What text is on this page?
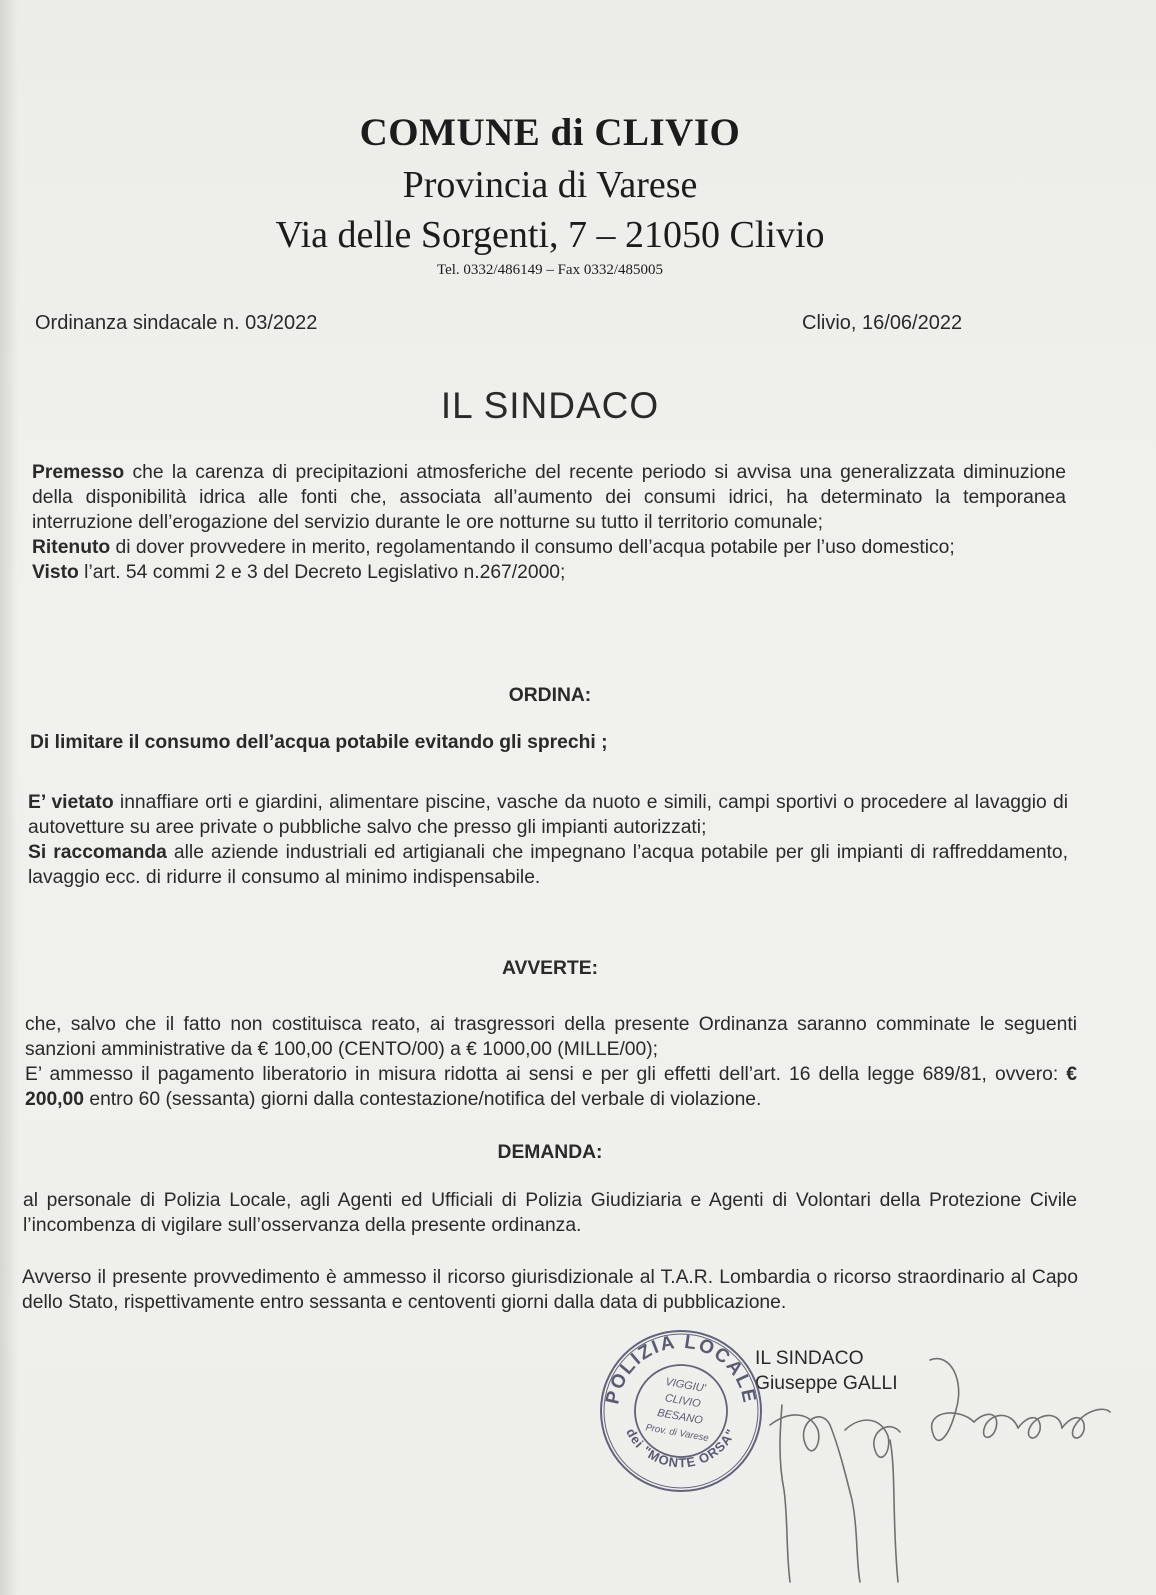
COMUNE di CLIVIO
Provincia di Varese
Via delle Sorgenti, 7 – 21050 Clivio
Tel. 0332/486149 – Fax 0332/485005
Ordinanza sindacale n. 03/2022	Clivio, 16/06/2022
IL SINDACO

Premesso che la carenza di precipitazioni atmosferiche del recente periodo si avvisa una generalizzata diminuzione della disponibilità idrica alle fonti che, associata all’aumento dei consumi idrici, ha determinato la temporanea interruzione dell’erogazione del servizio durante le ore notturne su tutto il territorio comunale;

Ritenuto di dover provvedere in merito, regolamentando il consumo dell’acqua potabile per l’uso domestico;

Visto l’art. 54 commi 2 e 3 del Decreto Legislativo n.267/2000;

ORDINA:
Di limitare il consumo dell’acqua potabile evitando gli sprechi ;

E’ vietato innaffiare orti e giardini, alimentare piscine, vasche da nuoto e simili, campi sportivi o procedere al lavaggio di autovetture su aree private o pubbliche salvo che presso gli impianti autorizzati;

Si raccomanda alle aziende industriali ed artigianali che impegnano l’acqua potabile per gli impianti di raffreddamento, lavaggio ecc. di ridurre il consumo al minimo indispensabile.

AVVERTE:

che, salvo che il fatto non costituisca reato, ai trasgressori della presente Ordinanza saranno comminate le seguenti sanzioni amministrative da € 100,00 (CENTO/00) a € 1000,00 (MILLE/00);

E’ ammesso il pagamento liberatorio in misura ridotta ai sensi e per gli effetti dell’art. 16 della legge 689/81, ovvero: € 200,00 entro 60 (sessanta) giorni dalla contestazione/notifica del verbale di violazione.

DEMANDA:
al personale di Polizia Locale, agli Agenti ed Ufficiali di Polizia Giudiziaria e Agenti di Volontari della Protezione Civile l’incombenza di vigilare sull’osservanza della presente ordinanza.
Avverso il presente provvedimento è ammesso il ricorso giurisdizionale al T.A.R. Lombardia o ricorso straordinario al Capo dello Stato, rispettivamente entro sessanta e centoventi giorni dalla data di pubblicazione.
IL SINDACO
Giuseppe GALLI
POLIZIA LOCALE
dei "MONTE ORSA"
VIGGIU'
CLIVIO
BESANO
Prov. di Varese
